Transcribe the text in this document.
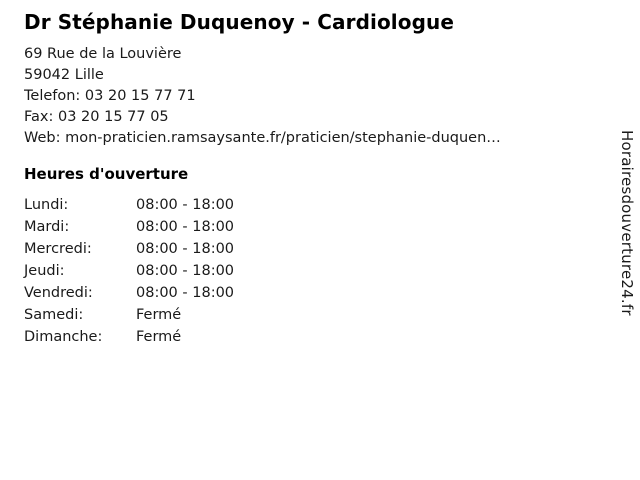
Dr Stéphanie Duquenoy - Cardiologue
69 Rue de la Louvière
59042 Lille
Telefon: 03 20 15 77 71
Fax: 03 20 15 77 05
Web: mon-praticien.ramsaysante.fr/praticien/stephanie-duquen…
Heures d'ouverture
Lundi:	08:00 - 18:00
Mardi:	08:00 - 18:00
Mercredi:	08:00 - 18:00
Jeudi:	08:00 - 18:00
Vendredi:	08:00 - 18:00
Samedi:	Fermé
Dimanche:	Fermé
Horairesdouverture24.fr
